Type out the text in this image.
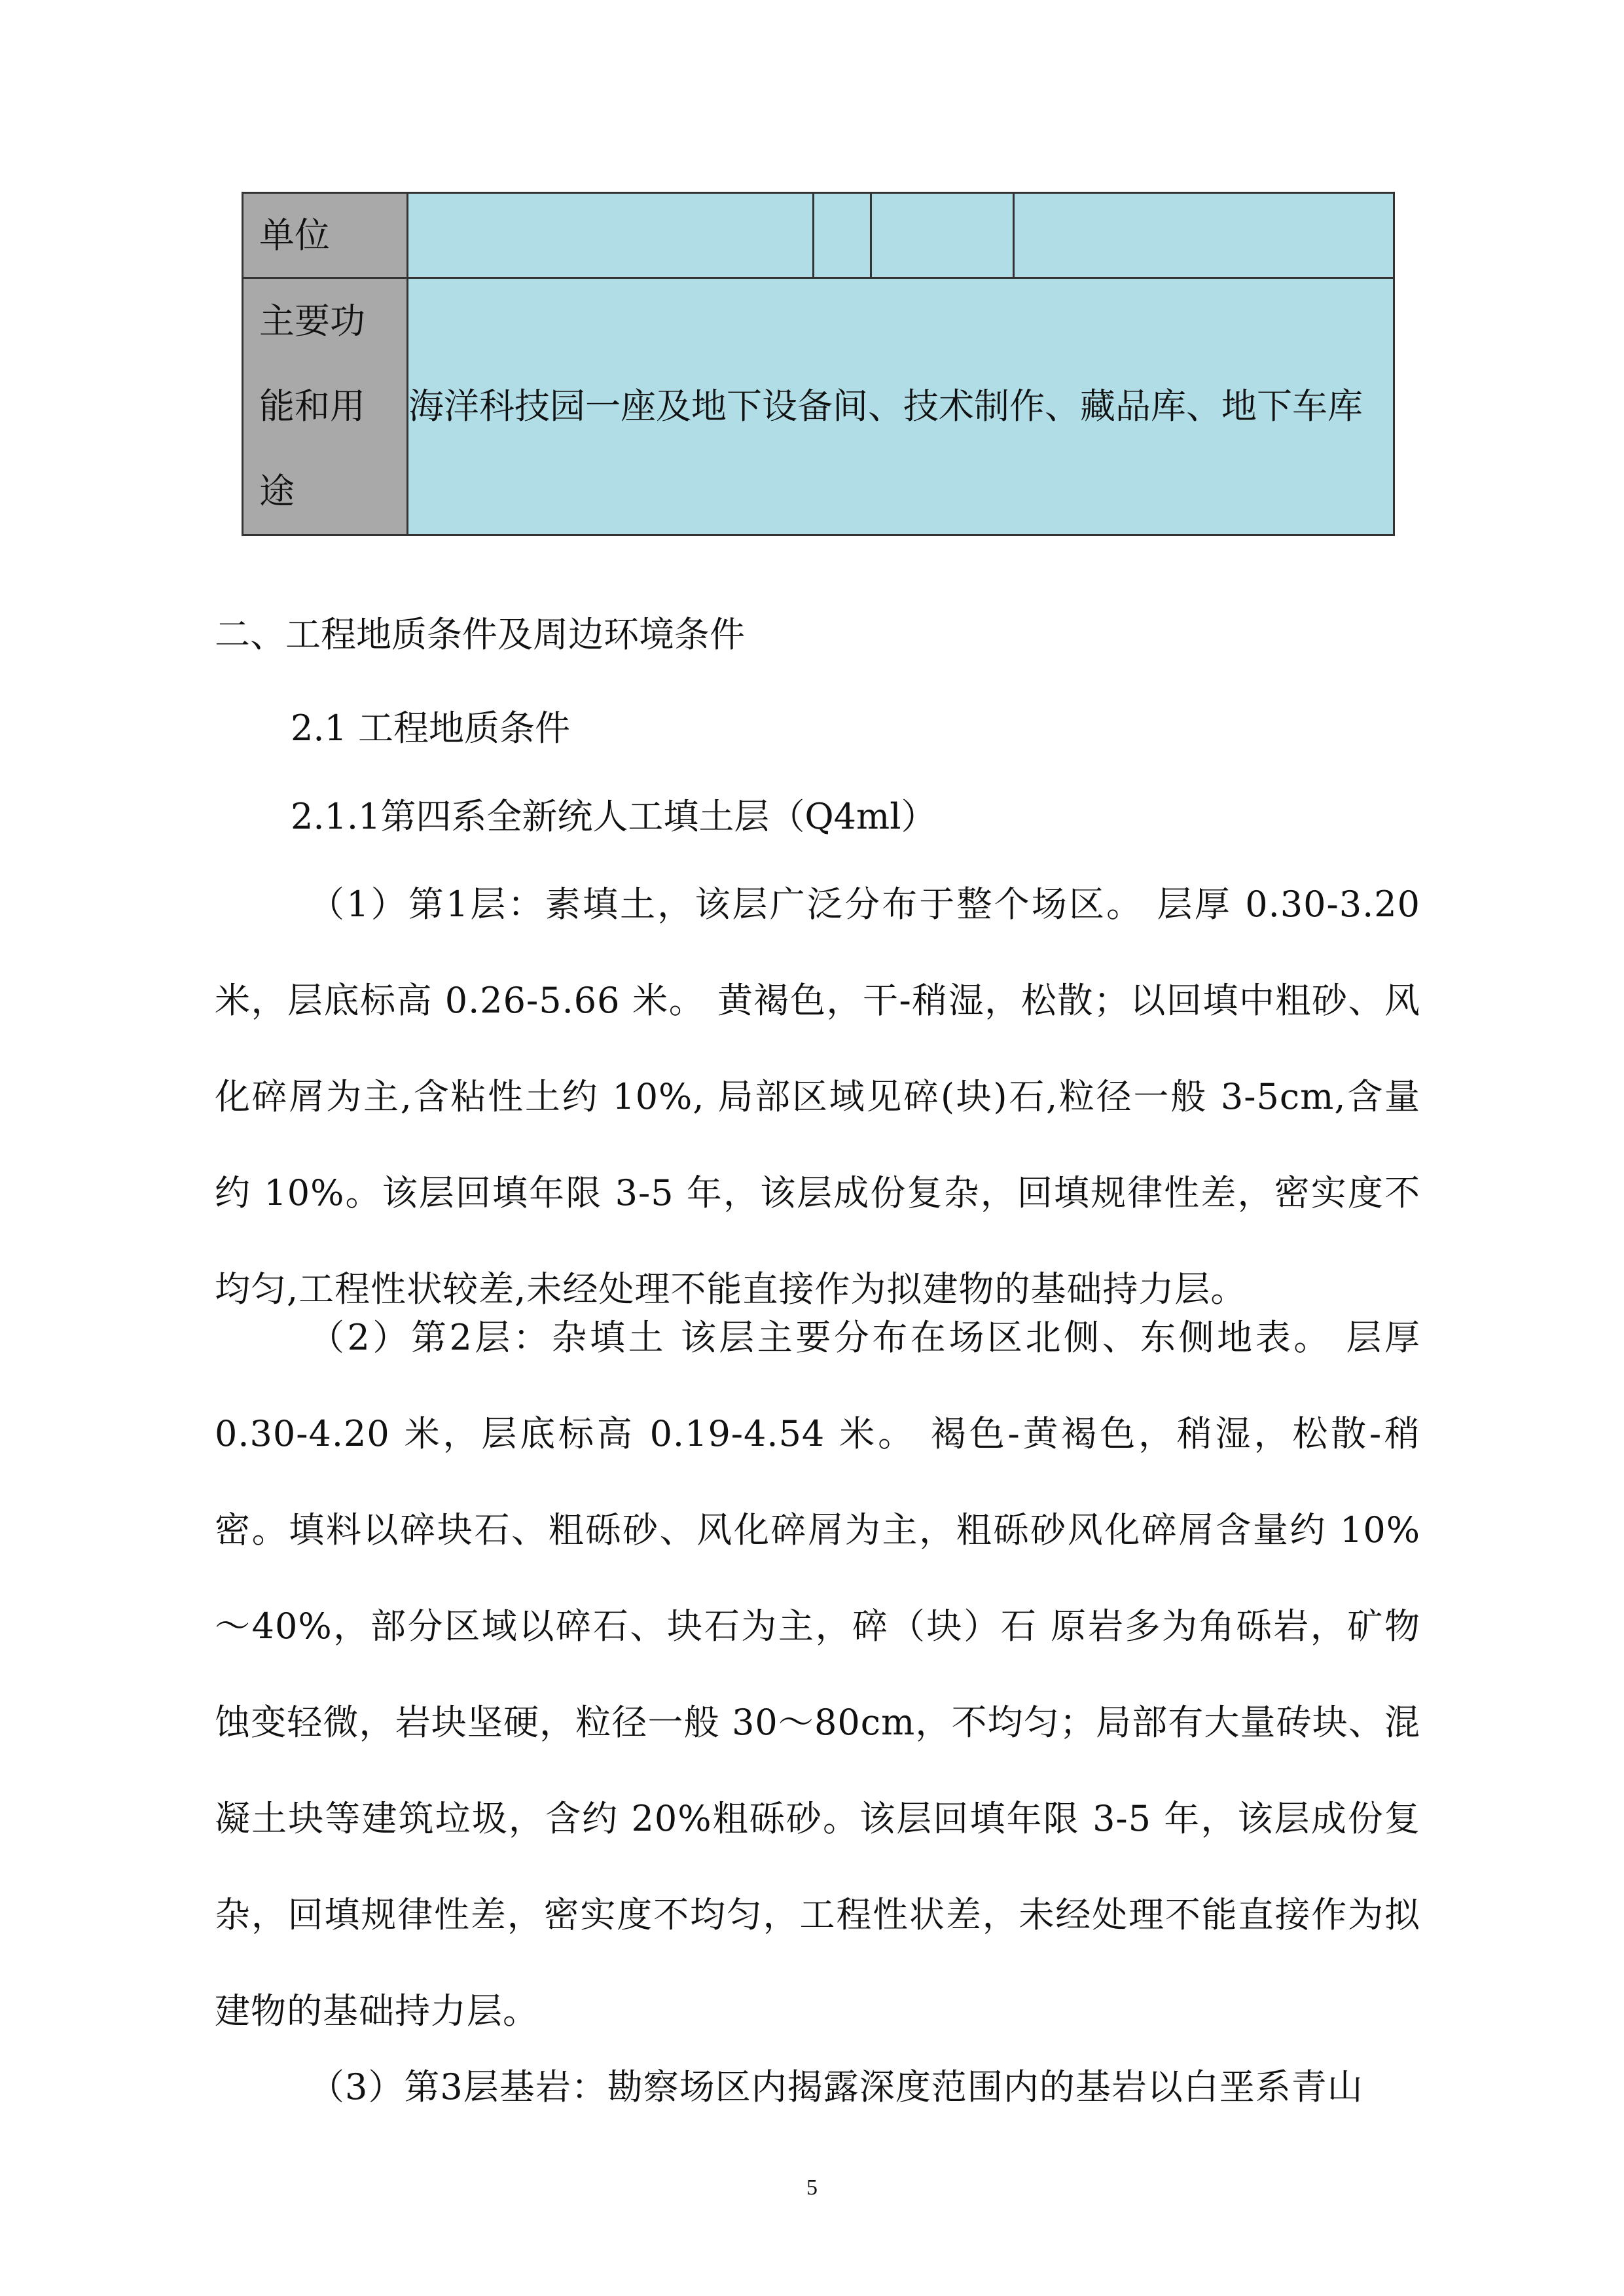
单位				

主要功
能和用
途	海洋科技园一座及地下设备间、技术制作、藏品库、地下车库			
二、工程地质条件及周边环境条件
2.1 工程地质条件
2.1.1第四系全新统人工填土层（Q4ml）
（1）第1层：素填土，该层广泛分布于整个场区。 层厚 0.30-3.20 米，层底标高 0.26-5.66 米。 黄褐色，干-稍湿，松散；以回填中粗砂、风化碎屑为主,含粘性土约 10%, 局部区域见碎(块)石,粒径一般 3-5cm,含量约 10%。该层回填年限 3-5 年，该层成份复杂，回填规律性差，密实度不均匀,工程性状较差,未经处理不能直接作为拟建物的基础持力层。
（2）第2层：杂填土 该层主要分布在场区北侧、东侧地表。 层厚 0.30-4.20 米，层底标高 0.19-4.54 米。 褐色-黄褐色，稍湿，松散-稍密。填料以碎块石、粗砾砂、风化碎屑为主，粗砾砂风化碎屑含量约 10%～40%，部分区域以碎石、块石为主，碎（块）石 原岩多为角砾岩，矿物蚀变轻微，岩块坚硬，粒径一般 30～80cm，不均匀；局部有大量砖块、混凝土块等建筑垃圾，含约 20%粗砾砂。该层回填年限 3-5 年，该层成份复杂，回填规律性差，密实度不均匀，工程性状差，未经处理不能直接作为拟建物的基础持力层。
（3）第3层基岩：勘察场区内揭露深度范围内的基岩以白垩系青山
5
